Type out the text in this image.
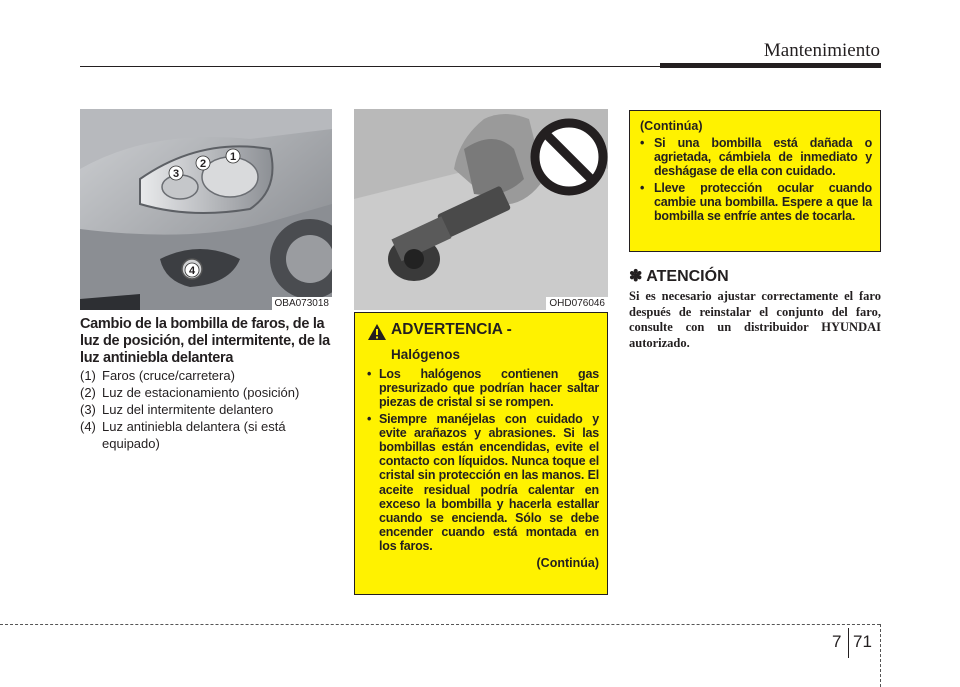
Mantenimiento
1
2
3
4
OBA073018	OHD076046
Cambio de la bombilla de faros, de la luz de posición, del intermitente, de la luz antiniebla delantera
(1) Faros (cruce/carretera)
(2) Luz de estacionamiento (posición)
(3) Luz del intermitente delantero
(4) Luz antiniebla delantera (si está equipado)
ADVERTENCIA -
Halógenos
• Los halógenos contienen gas presurizado que podrían hacer saltar piezas de cristal si se rompen.
• Siempre manéjelas con cuidado y evite arañazos y abrasiones. Si las bombillas están encendidas, evite el contacto con líquidos. Nunca toque el cristal sin protección en las manos. El aceite residual podría calentar en exceso la bombilla y hacerla estallar cuando se encienda. Sólo se debe encender cuando está montada en los faros.
(Continúa)
(Continúa)
• Si una bombilla está dañada o agrietada, cámbiela de inmediato y deshágase de ella con cuidado.
• Lleve protección ocular cuando cambie una bombilla. Espere a que la bombilla se enfríe antes de tocarla.
✽ ATENCIÓN
Si es necesario ajustar correctamente el faro después de reinstalar el conjunto del faro, consulte con un distribuidor HYUNDAI autorizado.
7 71
